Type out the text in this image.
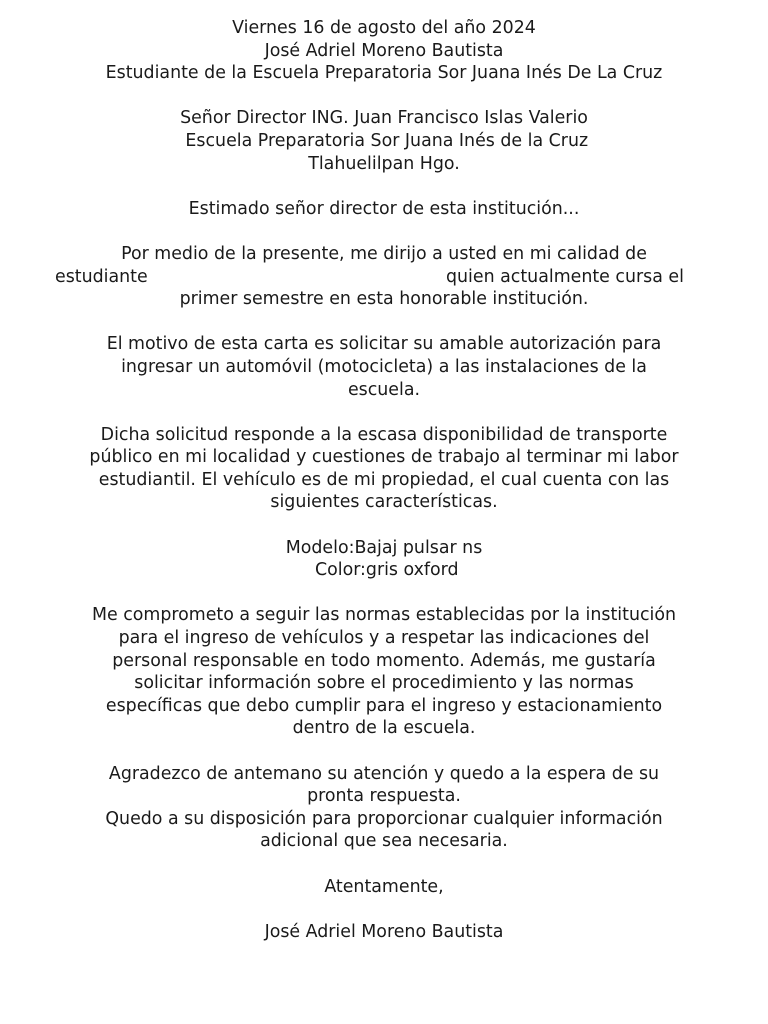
Viernes 16 de agosto del año 2024
José Adriel Moreno Bautista
Estudiante de la Escuela Preparatoria Sor Juana Inés De La Cruz
Señor Director ING. Juan Francisco Islas Valerio
Escuela Preparatoria Sor Juana Inés de la Cruz
Tlahuelilpan Hgo.
Estimado señor director de esta institución...
Por medio de la presente, me dirijo a usted en mi calidad de
estudiante	quien actualmente cursa el
primer semestre en esta honorable institución.
El motivo de esta carta es solicitar su amable autorización para
ingresar un automóvil (motocicleta) a las instalaciones de la
escuela.
Dicha solicitud responde a la escasa disponibilidad de transporte
público en mi localidad y cuestiones de trabajo al terminar mi labor
estudiantil. El vehículo es de mi propiedad, el cual cuenta con las
siguientes características.
Modelo:Bajaj pulsar ns
Color:gris oxford
Me comprometo a seguir las normas establecidas por la institución
para el ingreso de vehículos y a respetar las indicaciones del
personal responsable en todo momento. Además, me gustaría
solicitar información sobre el procedimiento y las normas
específicas que debo cumplir para el ingreso y estacionamiento
dentro de la escuela.
Agradezco de antemano su atención y quedo a la espera de su
pronta respuesta.
Quedo a su disposición para proporcionar cualquier información
adicional que sea necesaria.
Atentamente,
José Adriel Moreno Bautista
